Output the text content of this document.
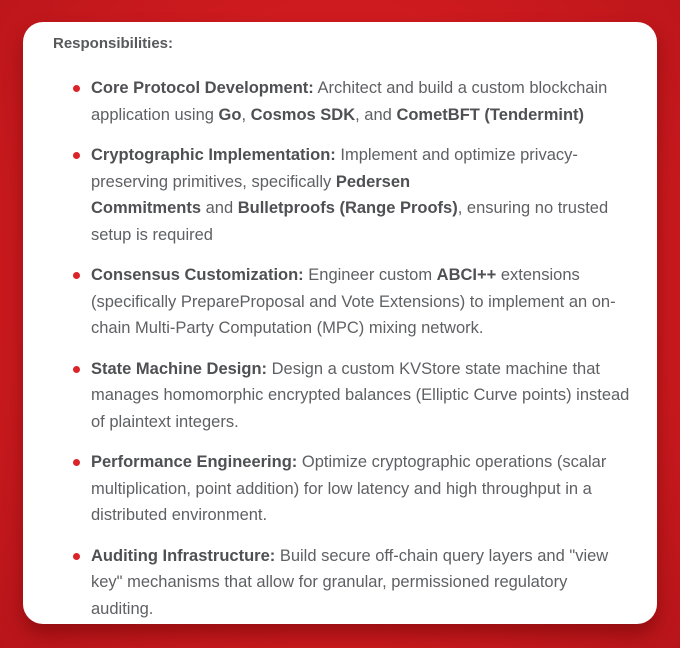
Responsibilities:
Core Protocol Development: Architect and build a custom blockchain application using Go, Cosmos SDK, and CometBFT (Tendermint)
Cryptographic Implementation: Implement and optimize privacy-preserving primitives, specifically Pedersen
Commitments and Bulletproofs (Range Proofs), ensuring no trusted setup is required
Consensus Customization: Engineer custom ABCI++ extensions (specifically PrepareProposal and Vote Extensions) to implement an on-chain Multi-Party Computation (MPC) mixing network.
State Machine Design: Design a custom KVStore state machine that manages homomorphic encrypted balances (Elliptic Curve points) instead of plaintext integers.
Performance Engineering: Optimize cryptographic operations (scalar multiplication, point addition) for low latency and high throughput in a distributed environment.
Auditing Infrastructure: Build secure off-chain query layers and "view key" mechanisms that allow for granular, permissioned regulatory auditing.
